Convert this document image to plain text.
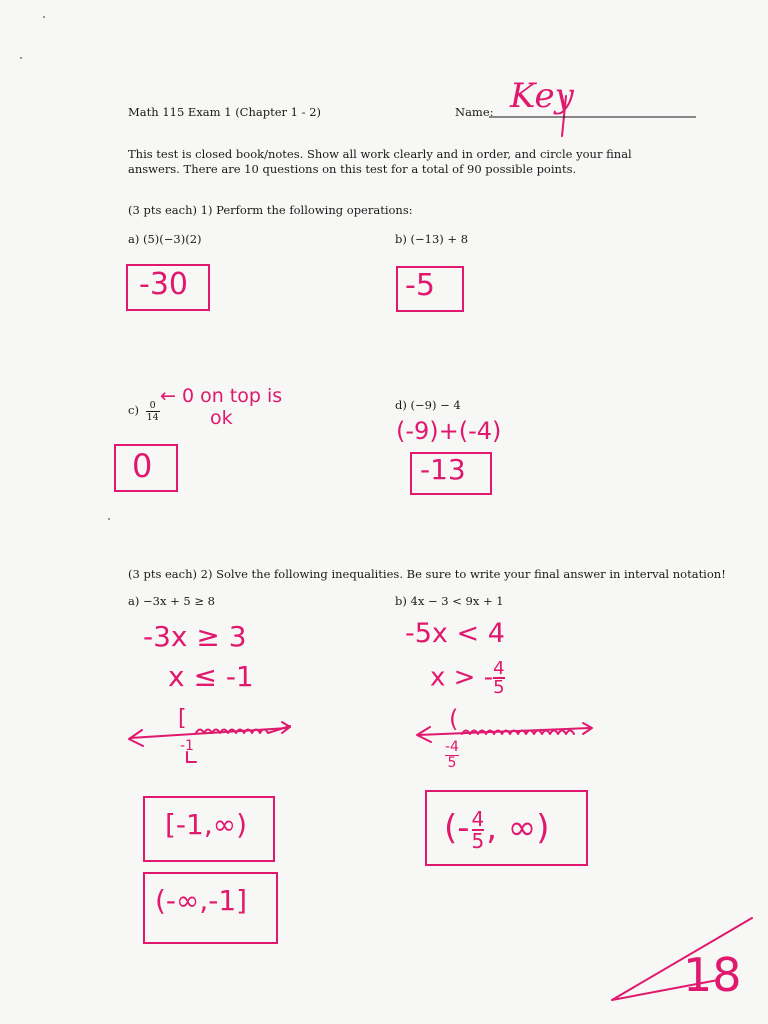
Math 115 Exam 1 (Chapter 1 - 2)	Name: Key
This test is closed book/notes. Show all work clearly and in order, and circle your final answers. There are 10 questions on this test for a total of 90 possible points.
(3 pts each) 1) Perform the following operations:
a) (5)(−3)(2)	b) (−13) + 8
-30	-5
$c) \frac{0}{14}$
← 0 on top is
ok
d) (−9) − 4
(-9)+(-4)
0	-13
(3 pts each) 2) Solve the following inequalities. Be sure to write your final answer in interval notation!
a) −3x + 5 ≥ 8	b) 4x − 3 < 9x + 1
-3x ≥ 3
x ≤ -1
-5x < 4
x > - $\frac{4}{5}$
[
-1
(
$\frac{-4}{5}$
[-1,∞)
(-∞,-1]
(- $\frac{4}{5}$ , ∞)
18
